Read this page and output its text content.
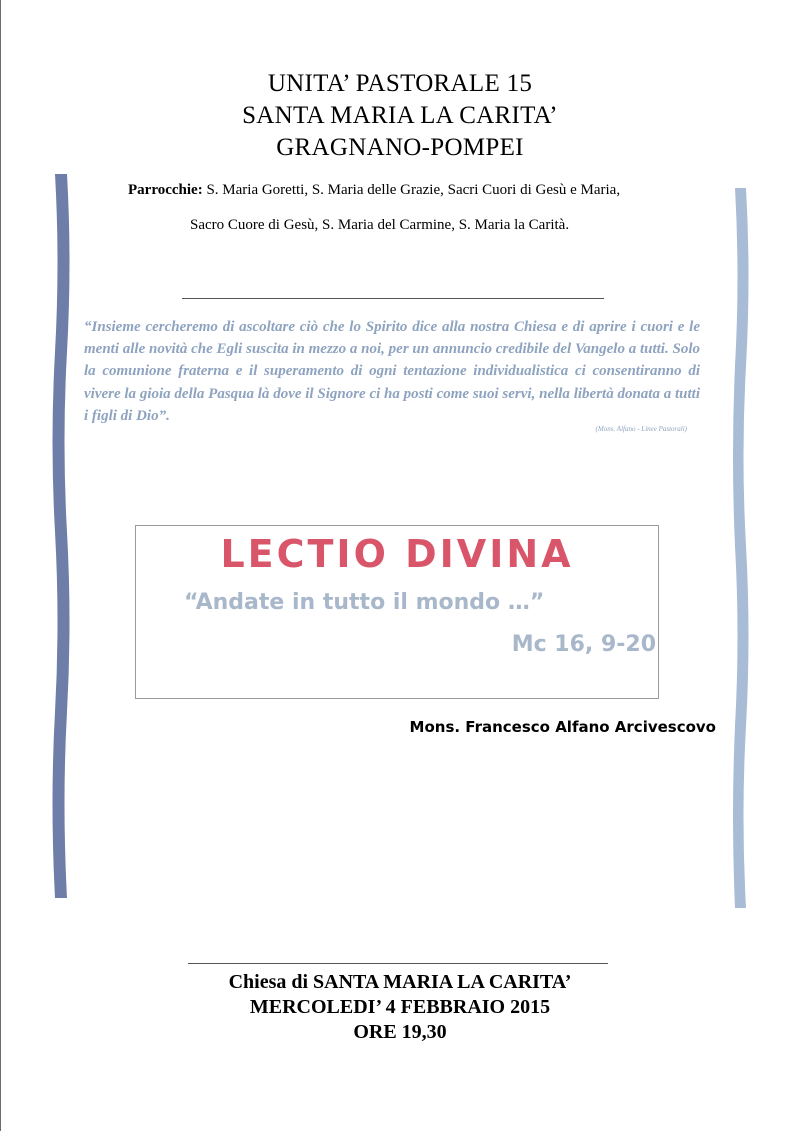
UNITA’ PASTORALE 15
SANTA MARIA LA CARITA’
GRAGNANO-POMPEI
Parrocchie: S. Maria Goretti, S. Maria delle Grazie, Sacri Cuori di Gesù e Maria,
Sacro Cuore di Gesù, S. Maria del Carmine, S. Maria la Carità.
“Insieme cercheremo di ascoltare ciò che lo Spirito dice alla nostra Chiesa e di aprire i cuori e le menti alle novità che Egli suscita in mezzo a noi, per un annuncio credibile del Vangelo a tutti. Solo la comunione fraterna e il superamento di ogni tentazione individualistica ci consentiranno di vivere la gioia della Pasqua là dove il Signore ci ha posti come suoi servi, nella libertà donata a tutti i figli di Dio”.
(Mons. Alfano - Linee Pastorali)
LECTIO DIVINA
“Andate in tutto il mondo …”
Mc 16, 9-20
Mons. Francesco Alfano Arcivescovo
Chiesa di SANTA MARIA LA CARITA’
MERCOLEDI’ 4 FEBBRAIO 2015
ORE 19,30
